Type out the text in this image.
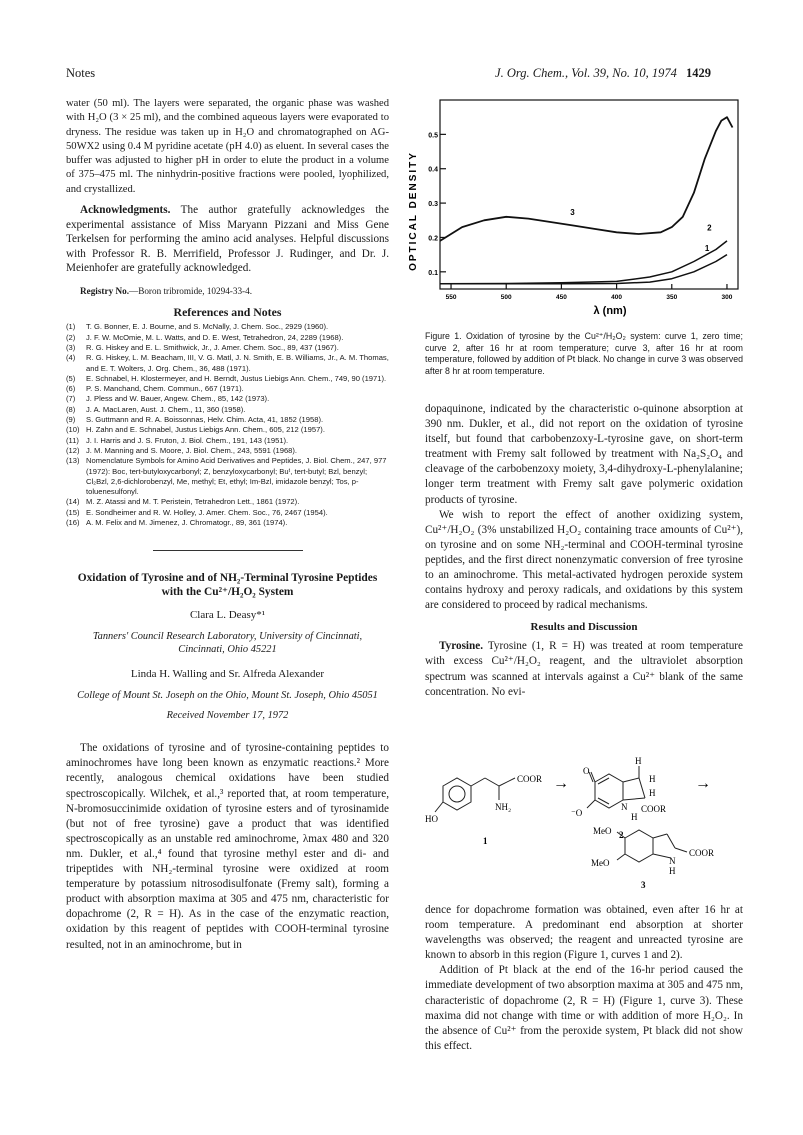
Notes	J. Org. Chem., Vol. 39, No. 10, 1974 1429

water (50 ml). The layers were separated, the organic phase was washed with H₂O (3 × 25 ml), and the combined aqueous layers were evaporated to dryness. The residue was taken up in H₂O and chromatographed on AG-50WX2 using 0.4 M pyridine acetate (pH 4.0) as eluent. In several cases the buffer was adjusted to higher pH in order to elute the product in a volume of 375–475 ml. The ninhydrin-positive fractions were pooled, lyophilized, and crystallized.

Acknowledgments. The author gratefully acknowledges the experimental assistance of Miss Maryann Pizzani and Miss Gene Terkelsen for performing the amino acid analyses. Helpful discussions with Professor R. B. Merrifield, Professor J. Rudinger, and Dr. J. Meienhofer are gratefully acknowledged.

Registry No.—Boron tribromide, 10294-33-4.

References and Notes
(1)	T. G. Bonner, E. J. Bourne, and S. McNally, J. Chem. Soc., 2929 (1960).
(2)	J. F. W. McOmie, M. L. Watts, and D. E. West, Tetrahedron, 24, 2289 (1968).
(3)	R. G. Hiskey and E. L. Smithwick, Jr., J. Amer. Chem. Soc., 89, 437 (1967).
(4)	R. G. Hiskey, L. M. Beacham, III, V. G. Matl, J. N. Smith, E. B. Williams, Jr., A. M. Thomas, and E. T. Wolters, J. Org. Chem., 36, 488 (1971).
(5)	E. Schnabel, H. Klostermeyer, and H. Berndt, Justus Liebigs Ann. Chem., 749, 90 (1971).
(6)	P. S. Manchand, Chem. Commun., 667 (1971).
(7)	J. Pless and W. Bauer, Angew. Chem., 85, 142 (1973).
(8)	J. A. MacLaren, Aust. J. Chem., 11, 360 (1958).
(9)	S. Guttmann and R. A. Boissonnas, Helv. Chim. Acta, 41, 1852 (1958).
(10) H. Zahn and E. Schnabel, Justus Liebigs Ann. Chem., 605, 212 (1957).
(11) J. I. Harris and J. S. Fruton, J. Biol. Chem., 191, 143 (1951).
(12) J. M. Manning and S. Moore, J. Biol. Chem., 243, 5591 (1968).
(13) Nomenclature Symbols for Amino Acid Derivatives and Peptides, J. Biol. Chem., 247, 977 (1972): Boc, tert-butyloxycarbonyl; Z, benzyloxycarbonyl; Buᵗ, tert-butyl; Bzl, benzyl; Cl₂Bzl, 2,6-dichlorobenzyl, Me, methyl; Et, ethyl; Im-Bzl, imidazole benzyl; Tos, p-toluenesulfonyl.
(14) M. Z. Atassi and M. T. Peristein, Tetrahedron Lett., 1861 (1972).
(15) E. Sondheimer and R. W. Holley, J. Amer. Chem. Soc., 76, 2467 (1954).
(16) A. M. Felix and M. Jimenez, J. Chromatogr., 89, 361 (1974).
Oxidation of Tyrosine and of NH₂-Terminal Tyrosine Peptides with the Cu²⁺/H₂O₂ System
Clara L. Deasy*¹
Tanners' Council Research Laboratory, University of Cincinnati, Cincinnati, Ohio 45221
Linda H. Walling and Sr. Alfreda Alexander
College of Mount St. Joseph on the Ohio, Mount St. Joseph, Ohio 45051
Received November 17, 1972

The oxidations of tyrosine and of tyrosine-containing peptides to aminochromes have long been known as enzymatic reactions.² More recently, analogous chemical oxidations have been studied spectroscopically. Wilchek, et al.,³ reported that, at room temperature, N-bromosuccinimide oxidation of tyrosine esters and of tyrosinamide (but not of free tyrosine) gave a product that was identified spectroscopically as an unstable red aminochrome, λmax 480 and 320 nm. Dukler, et al.,⁴ found that tyrosine methyl ester and di- and tripeptides with NH₂-terminal tyrosine were oxidized at room temperature by potassium nitrosodisulfonate (Fremy salt), forming a product with absorption maxima at 305 and 475 nm, characteristic for dopachrome (2, R = H). As in the case of the enzymatic reaction, oxidation by this reagent of peptides with COOH-terminal tyrosine resulted, not in an aminochrome, but in

OPTICAL DENSITY
0.5
0.4
0.3
0.2
0.1
550	500	450	400	350	300
1
2
3
λ (nm)

Figure 1. Oxidation of tyrosine by the Cu²⁺/H₂O₂ system: curve 1, zero time; curve 2, after 16 hr at room temperature; curve 3, after 16 hr at room temperature, followed by addition of Pt black. No change in curve 3 was observed after 8 hr at room temperature.

dopaquinone, indicated by the characteristic o-quinone absorption at 390 nm. Dukler, et al., did not report on the oxidation of tyrosine itself, but found that carbobenzoxy-L-tyrosine gave, on short-term treatment with Fremy salt followed by treatment with Na₂S₂O₄ and cleavage of the carbobenzoxy moiety, 3,4-dihydroxy-L-phenylalanine; longer term treatment with Fremy salt gave polymeric oxidation products of tyrosine.

We wish to report the effect of another oxidizing system, Cu²⁺/H₂O₂ (3% unstabilized H₂O₂ containing trace amounts of Cu²⁺), on tyrosine and on some NH₂-terminal and COOH-terminal tyrosine peptides, and the first direct nonenzymatic conversion of free tyrosine to an aminochrome. This metal-activated hydrogen peroxide system contains hydroxy and peroxy radicals, and oxidations by this system are considered to proceed by radical mechanisms.

Results and Discussion

Tyrosine. Tyrosine (1, R = H) was treated at room temperature with excess Cu²⁺/H₂O₂ reagent, and the ultraviolet absorption spectrum was scanned at intervals against a Cu²⁺ blank of the same concentration. No evi-

COOR
NH₂
HO
1
→
O
⁻O
H
H
H
N
H
COOR
2
→
MeO
MeO	N
H
COOR
3

dence for dopachrome formation was obtained, even after 16 hr at room temperature. A predominant end absorption at shorter wavelengths was observed; the reagent and unreacted tyrosine are known to absorb in this region (Figure 1, curves 1 and 2).

Addition of Pt black at the end of the 16-hr period caused the immediate development of two absorption maxima at 305 and 475 nm, characteristic of dopachrome (2, R = H) (Figure 1, curve 3). These maxima did not change with time or with addition of more H₂O₂. In the absence of Cu²⁺ from the peroxide system, Pt black did not show this effect.
